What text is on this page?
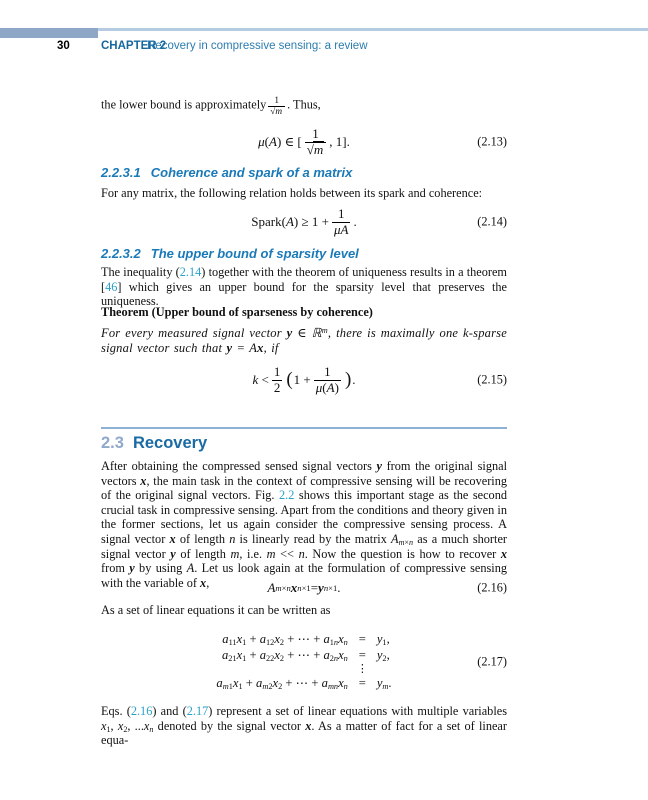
30	CHAPTER 2
Recovery in compressive sensing: a review
the lower bound is approximately $\frac{1}{√m}$ . Thus,
μ(A) ∈ [ $\frac{1}{√m}$ , 1].	(2.13)
2.2.3.1 Coherence and spark of a matrix
For any matrix, the following relation holds between its spark and coherence:
Spark(A) ≥ $1 + \frac{1}{\mu A}$ .	(2.14)
2.2.3.2 The upper bound of sparsity level
The inequality (2.14) together with the theorem of uniqueness results in a theorem [46] which gives an upper bound for the sparsity level that preserves the uniqueness.
Theorem (Upper bound of sparseness by coherence)
For every measured signal vector y ∈ ℝ$^m$, there is maximally one k-sparse signal vector such that y = Ax, if
$k < \frac{1}{2}$ ( $1 + \frac{1}{\mu(A)}$ ) .	(2.15)
2.3 Recovery
After obtaining the compressed sensed signal vectors y from the original signal vectors x, the main task in the context of compressive sensing will be recovering of the original signal vectors. Fig. 2.2 shows this important stage as the second crucial task in compressive sensing. Apart from the conditions and theory given in the former sections, let us again consider the compressive sensing process. A signal vector x of length n is linearly read by the matrix $A_{m\times n}$ as a much shorter signal vector y of length m, i.e. m << n. Now the question is how to recover x from y by using A. Let us look again at the formulation of compressive sensing with the variable of x,	A m × n x n ×1 = y n ×1 .	(2.16)
As a set of linear equations it can be written as
$a_{11}x_1 + a_{12}x_2$ + ⋯ + $a_{1n}x_n$	=	$y_1$,
$a_{21}x_1 + a_{22}x_2$ + ⋯ + $a_{2n}x_n$	=	$y_2$,
	⋮	
$a_{m1}x_1 + a_{m2}x_2$ + ⋯ + $a_{mn}x_n$	=	$y_m$.
(2.17)
Eqs. (2.16) and (2.17) represent a set of linear equations with multiple variables $x_1$, $x_2$, $...x_n$ denoted by the signal vector x. As a matter of fact for a set of linear equa-
